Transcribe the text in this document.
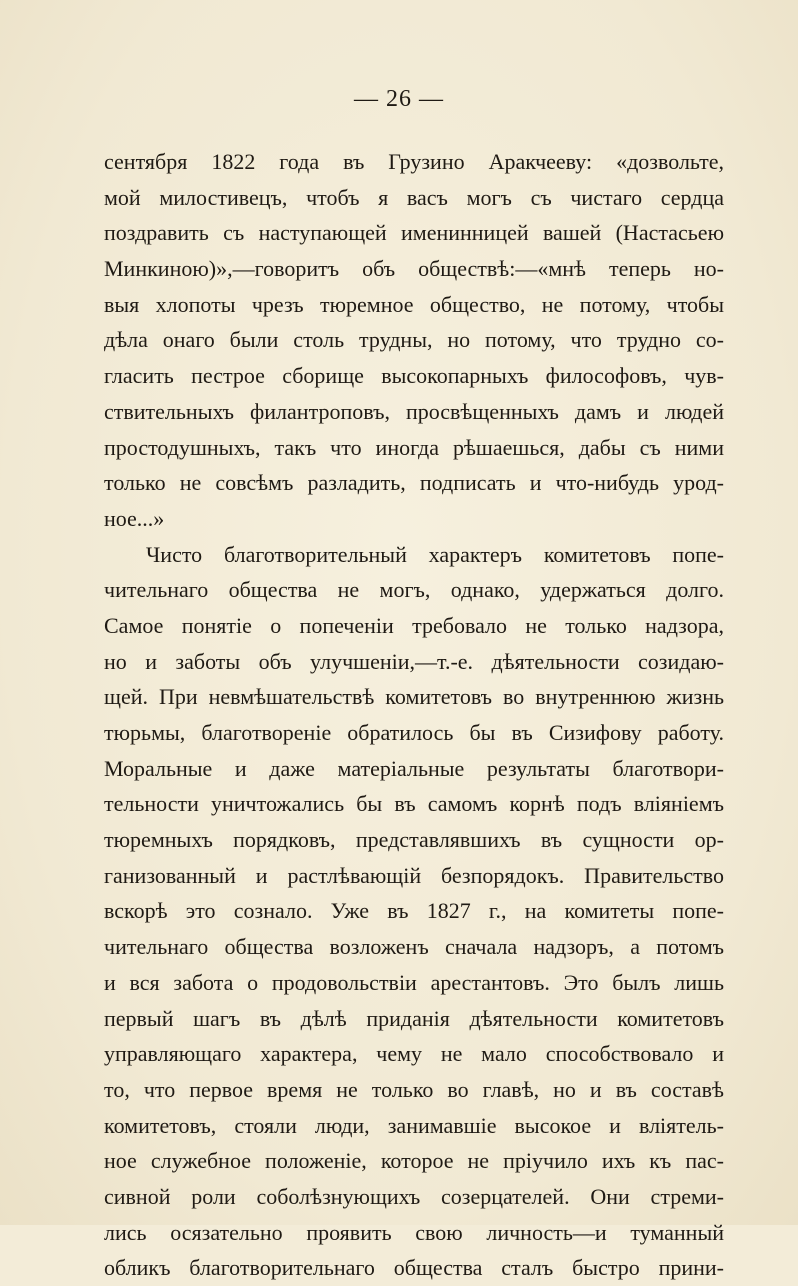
— 26 —
сентября 1822 года въ Грузино Аракчееву: «дозвольте,
мой милостивецъ, чтобъ я васъ могъ съ чистаго сердца
поздравить съ наступающей именинницей вашей (Настасьею
Минкиною)»,—говоритъ объ обществѣ:—«мнѣ теперь но-
выя хлопоты чрезъ тюремное общество, не потому, чтобы
дѣла онаго были столь трудны, но потому, что трудно со-
гласить пестрое сборище высокопарныхъ философовъ, чув-
ствительныхъ филантроповъ, просвѣщенныхъ дамъ и людей
простодушныхъ, такъ что иногда рѣшаешься, дабы съ ними
только не совсѣмъ разладить, подписать и что-нибудь урод-
ное...»
Чисто благотворительный характеръ комитетовъ попе-
чительнаго общества не могъ, однако, удержаться долго.
Самое понятіе о попеченіи требовало не только надзора,
но и заботы объ улучшеніи,—т.-е. дѣятельности созидаю-
щей. При невмѣшательствѣ комитетовъ во внутреннюю жизнь
тюрьмы, благотвореніе обратилось бы въ Сизифову работу.
Моральные и даже матеріальные результаты благотвори-
тельности уничтожались бы въ самомъ корнѣ подъ вліяніемъ
тюремныхъ порядковъ, представлявшихъ въ сущности ор-
ганизованный и растлѣвающій безпорядокъ. Правительство
вскорѣ это сознало. Уже въ 1827 г., на комитеты попе-
чительнаго общества возложенъ сначала надзоръ, а потомъ
и вся забота о продовольствіи арестантовъ. Это былъ лишь
первый шагъ въ дѣлѣ приданія дѣятельности комитетовъ
управляющаго характера, чему не мало способствовало и
то, что первое время не только во главѣ, но и въ составѣ
комитетовъ, стояли люди, занимавшіе высокое и вліятель-
ное служебное положеніе, которое не пріучило ихъ къ пас-
сивной роли соболѣзнующихъ созерцателей. Они стреми-
лись осязательно проявить свою личность—и туманный
обликъ благотворительнаго общества сталъ быстро прини-
